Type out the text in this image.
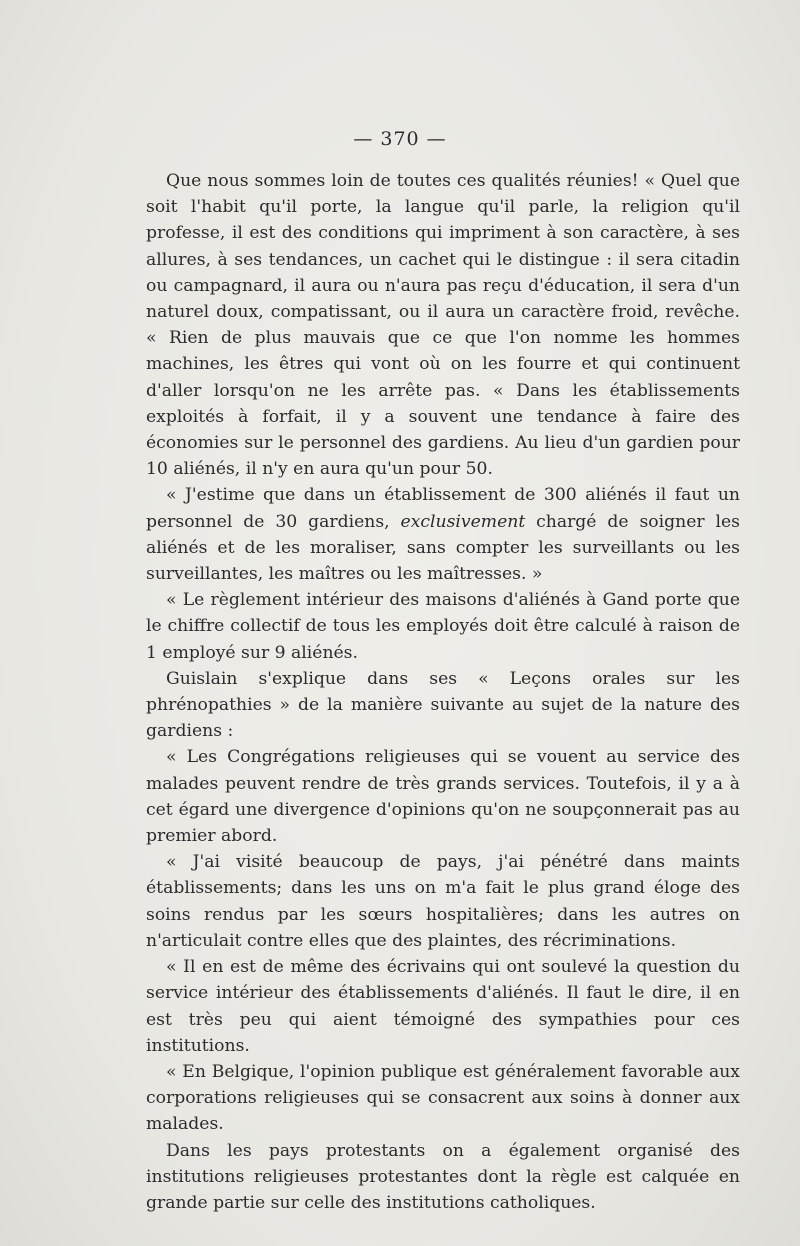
— 370 —

Que nous sommes loin de toutes ces qualités réunies! « Quel que soit l'habit qu'il porte, la langue qu'il parle, la religion qu'il professe, il est des conditions qui impriment à son caractère, à ses allures, à ses tendances, un cachet qui le distingue : il sera citadin ou campagnard, il aura ou n'aura pas reçu d'éducation, il sera d'un naturel doux, compatissant, ou il aura un caractère froid, revêche. « Rien de plus mauvais que ce que l'on nomme les hommes machines, les êtres qui vont où on les fourre et qui continuent d'aller lorsqu'on ne les arrête pas. « Dans les établissements exploités à forfait, il y a souvent une tendance à faire des économies sur le personnel des gardiens. Au lieu d'un gardien pour 10 aliénés, il n'y en aura qu'un pour 50.

« J'estime que dans un établissement de 300 aliénés il faut un personnel de 30 gardiens, exclusivement chargé de soigner les aliénés et de les moraliser, sans compter les surveillants ou les surveillantes, les maîtres ou les maîtresses. »

« Le règlement intérieur des maisons d'aliénés à Gand porte que le chiffre collectif de tous les employés doit être calculé à raison de 1 employé sur 9 aliénés.

Guislain s'explique dans ses « Leçons orales sur les phrénopathies » de la manière suivante au sujet de la nature des gardiens :

« Les Congrégations religieuses qui se vouent au service des malades peuvent rendre de très grands services. Toutefois, il y a à cet égard une divergence d'opinions qu'on ne soupçonnerait pas au premier abord.

« J'ai visité beaucoup de pays, j'ai pénétré dans maints établissements; dans les uns on m'a fait le plus grand éloge des soins rendus par les sœurs hospitalières; dans les autres on n'articulait contre elles que des plaintes, des récriminations.

« Il en est de même des écrivains qui ont soulevé la question du service intérieur des établissements d'aliénés. Il faut le dire, il en est très peu qui aient témoigné des sympathies pour ces institutions.

« En Belgique, l'opinion publique est généralement favorable aux corporations religieuses qui se consacrent aux soins à donner aux malades.

Dans les pays protestants on a également organisé des institutions religieuses protestantes dont la règle est calquée en grande partie sur celle des institutions catholiques.
